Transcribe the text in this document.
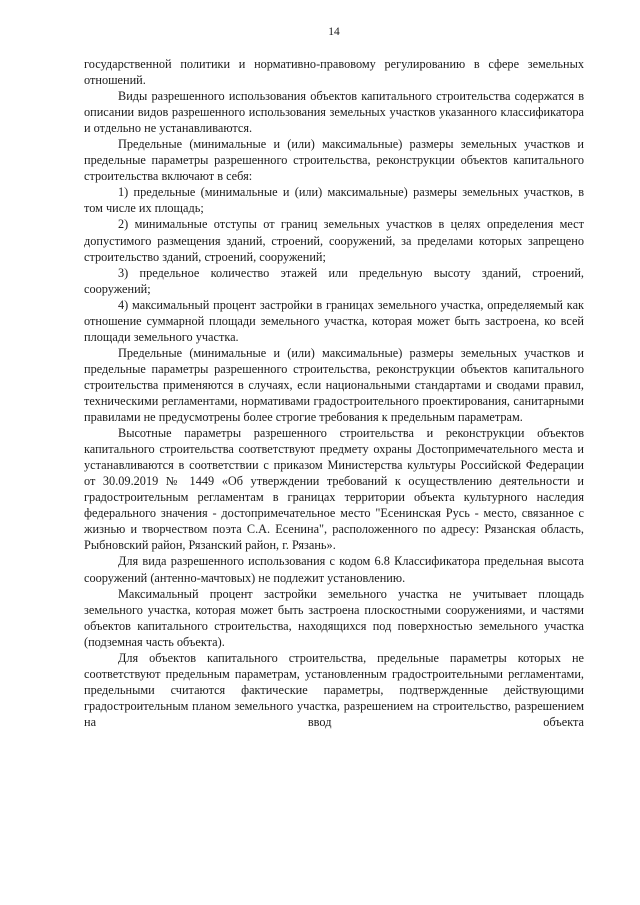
14

государственной политики и нормативно-правовому регулированию в сфере земельных отношений.

Виды разрешенного использования объектов капитального строительства содержатся в описании видов разрешенного использования земельных участков указанного классификатора и отдельно не устанавливаются.

Предельные (минимальные и (или) максимальные) размеры земельных участков и предельные параметры разрешенного строительства, реконструкции объектов капитального строительства включают в себя:

1) предельные (минимальные и (или) максимальные) размеры земельных участков, в том числе их площадь;

2) минимальные отступы от границ земельных участков в целях определения мест допустимого размещения зданий, строений, сооружений, за пределами которых запрещено строительство зданий, строений, сооружений;

3) предельное количество этажей или предельную высоту зданий, строений, сооружений;

4) максимальный процент застройки в границах земельного участка, определяемый как отношение суммарной площади земельного участка, которая может быть застроена, ко всей площади земельного участка.

Предельные (минимальные и (или) максимальные) размеры земельных участков и предельные параметры разрешенного строительства, реконструкции объектов капитального строительства применяются в случаях, если национальными стандартами и сводами правил, техническими регламентами, нормативами градостроительного проектирования, санитарными правилами не предусмотрены более строгие требования к предельным параметрам.

Высотные параметры разрешенного строительства и реконструкции объектов капитального строительства соответствуют предмету охраны Достопримечательного места и устанавливаются в соответствии с приказом Министерства культуры Российской Федерации от 30.09.2019 № 1449 «Об утверждении требований к осуществлению деятельности и градостроительным регламентам в границах территории объекта культурного наследия федерального значения - достопримечательное место "Есенинская Русь - место, связанное с жизнью и творчеством поэта С.А. Есенина", расположенного по адресу: Рязанская область, Рыбновский район, Рязанский район, г. Рязань».

Для вида разрешенного использования с кодом 6.8 Классификатора предельная высота сооружений (антенно-мачтовых) не подлежит установлению.

Максимальный процент застройки земельного участка не учитывает площадь земельного участка, которая может быть застроена плоскостными сооружениями, и частями объектов капитального строительства, находящихся под поверхностью земельного участка (подземная часть объекта).

Для объектов капитального строительства, предельные параметры которых не соответствуют предельным параметрам, установленным градостроительными регламентами, предельными считаются фактические параметры, подтвержденные действующими градостроительным планом земельного участка, разрешением на строительство, разрешением на ввод объекта
